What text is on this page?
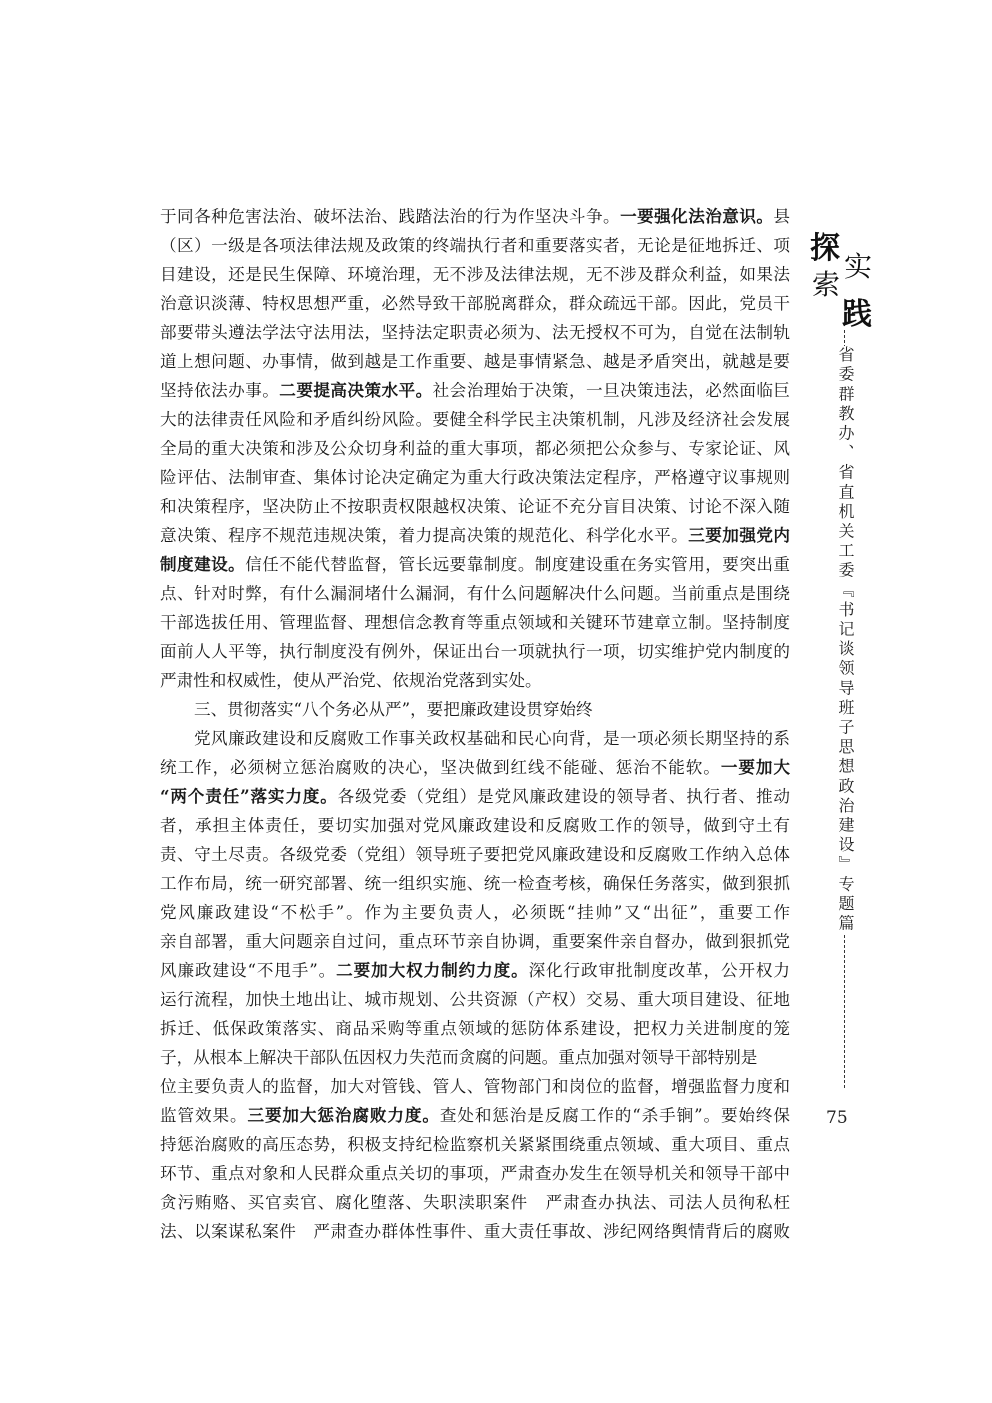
于同各种危害法治、破坏法治、践踏法治的行为作坚决斗争。一要强化法治意识。县
（区）一级是各项法律法规及政策的终端执行者和重要落实者，无论是征地拆迁、项
目建设，还是民生保障、环境治理，无不涉及法律法规，无不涉及群众利益，如果法
治意识淡薄、特权思想严重，必然导致干部脱离群众，群众疏远干部。因此，党员干
部要带头遵法学法守法用法，坚持法定职责必须为、法无授权不可为，自觉在法制轨
道上想问题、办事情，做到越是工作重要、越是事情紧急、越是矛盾突出，就越是要
坚持依法办事。二要提高决策水平。社会治理始于决策，一旦决策违法，必然面临巨
大的法律责任风险和矛盾纠纷风险。要健全科学民主决策机制，凡涉及经济社会发展
全局的重大决策和涉及公众切身利益的重大事项，都必须把公众参与、专家论证、风
险评估、法制审查、集体讨论决定确定为重大行政决策法定程序，严格遵守议事规则
和决策程序，坚决防止不按职责权限越权决策、论证不充分盲目决策、讨论不深入随
意决策、程序不规范违规决策，着力提高决策的规范化、科学化水平。三要加强党内
制度建设。信任不能代替监督，管长远要靠制度。制度建设重在务实管用，要突出重
点、针对时弊，有什么漏洞堵什么漏洞，有什么问题解决什么问题。当前重点是围绕
干部选拔任用、管理监督、理想信念教育等重点领域和关键环节建章立制。坚持制度
面前人人平等，执行制度没有例外，保证出台一项就执行一项，切实维护党内制度的
严肃性和权威性，使从严治党、依规治党落到实处。
三、贯彻落实“八个务必从严”，要把廉政建设贯穿始终
党风廉政建设和反腐败工作事关政权基础和民心向背，是一项必须长期坚持的系
统工作，必须树立惩治腐败的决心，坚决做到红线不能碰、惩治不能软。一要加大
“两个责任”落实力度。各级党委（党组）是党风廉政建设的领导者、执行者、推动
者，承担主体责任，要切实加强对党风廉政建设和反腐败工作的领导，做到守土有
责、守土尽责。各级党委（党组）领导班子要把党风廉政建设和反腐败工作纳入总体
工作布局，统一研究部署、统一组织实施、统一检查考核，确保任务落实，做到狠抓
党风廉政建设“不松手”。作为主要负责人，必须既“挂帅”又“出征”，重要工作
亲自部署，重大问题亲自过问，重点环节亲自协调，重要案件亲自督办，做到狠抓党
风廉政建设“不甩手”。二要加大权力制约力度。深化行政审批制度改革，公开权力
运行流程，加快土地出让、城市规划、公共资源（产权）交易、重大项目建设、征地
拆迁、低保政策落实、商品采购等重点领域的惩防体系建设，把权力关进制度的笼
子，从根本上解决干部队伍因权力失范而贪腐的问题。重点加强对领导干部特别是
位主要负责人的监督，加大对管钱、管人、管物部门和岗位的监督，增强监督力度和
监管效果。三要加大惩治腐败力度。查处和惩治是反腐工作的“杀手锏”。要始终保
持惩治腐败的高压态势，积极支持纪检监察机关紧紧围绕重点领域、重大项目、重点
环节、重点对象和人民群众重点关切的事项，严肃查办发生在领导机关和领导干部中
贪污贿赂、买官卖官、腐化堕落、失职渎职案件　严肃查办执法、司法人员徇私枉
法、以案谋私案件　严肃查办群体性事件、重大责任事故、涉纪网络舆情背后的腐败
探
实
索
践
省委群教办、省直机关工委『书记谈领导班子思想政治建设』专题篇
75
